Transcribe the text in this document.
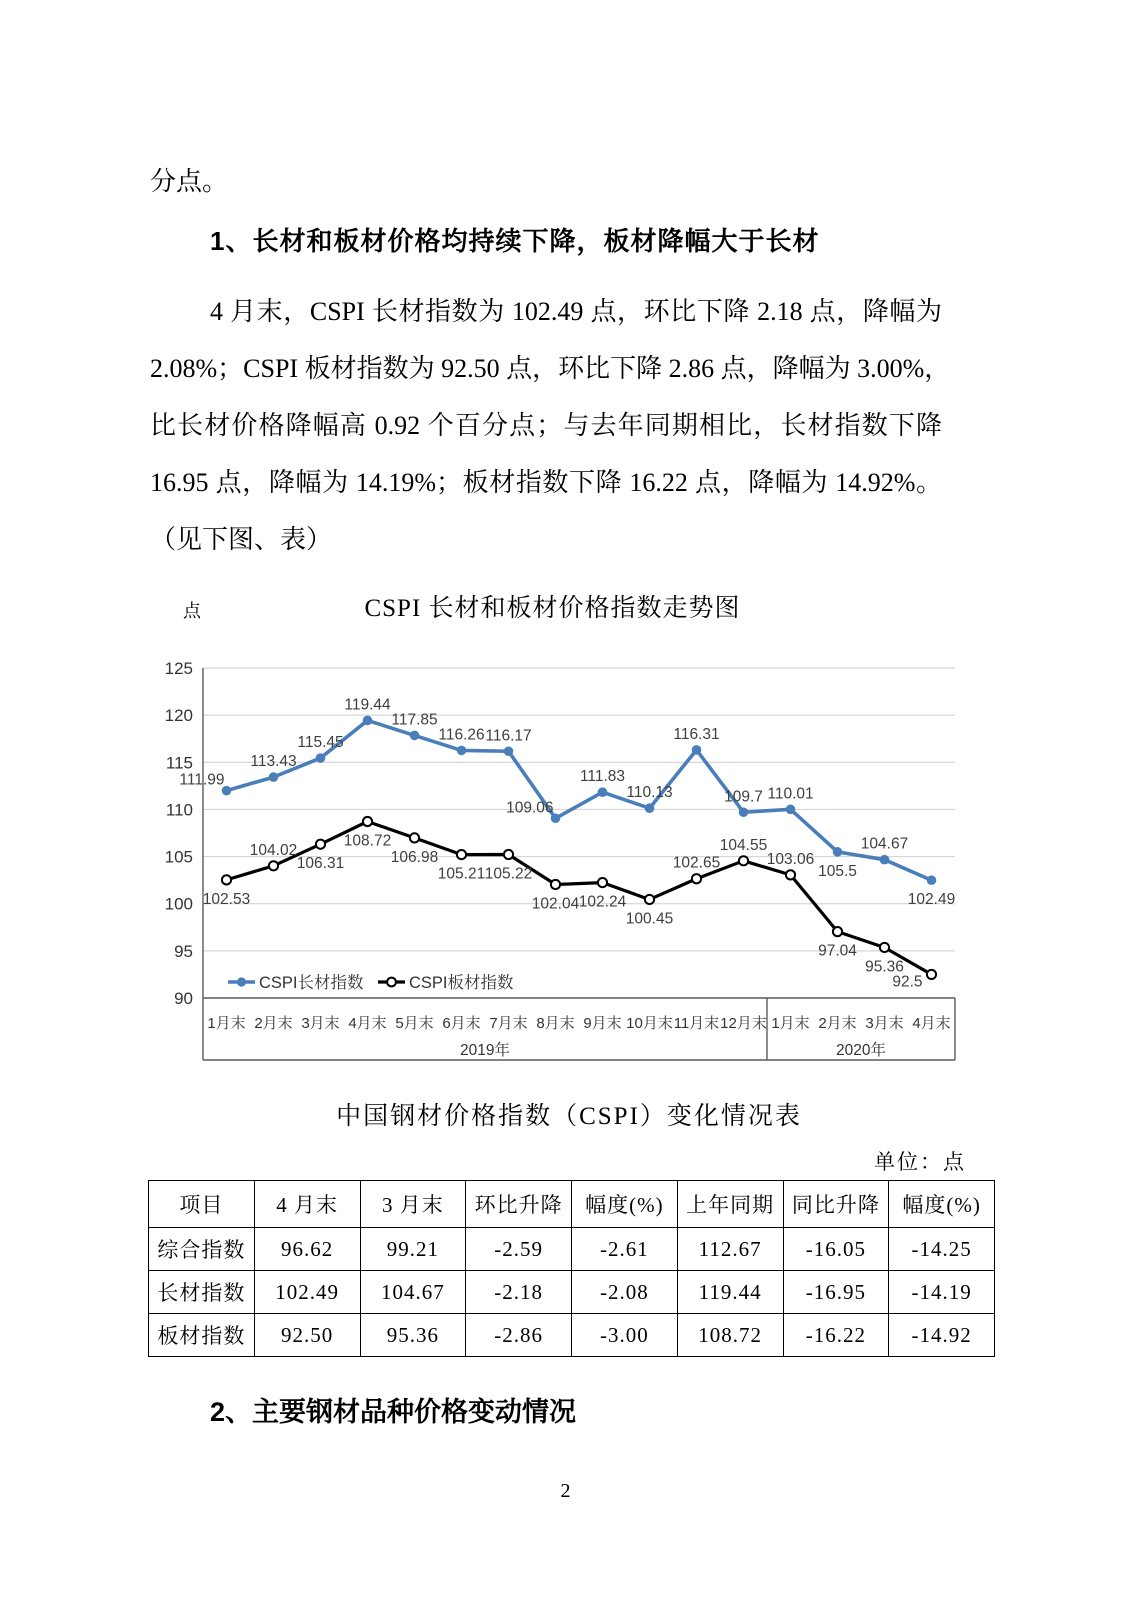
分点。
1、长材和板材价格均持续下降，板材降幅大于长材
4 月末，CSPI 长材指数为 102.49 点，环比下降 2.18 点，降幅为
2.08%；CSPI 板材指数为 92.50 点，环比下降 2.86 点，降幅为 3.00%，
比长材价格降幅高 0.92 个百分点；与去年同期相比，长材指数下降
16.95 点，降幅为 14.19%；板材指数下降 16.22 点，降幅为 14.92%。
（见下图、表）
点	CSPI 长材和板材价格指数走势图
125
120
115
110
105
100
95
90
1月末 2月末 3月末 4月末 5月末 6月末 7月末 8月末 9月末 10月末 11月末 12月末 1月末 2月末 3月末 4月末
2019年	2020年
111.99
113.43
115.45
119.44
117.85
116.26 116.17
109.06
111.83
110.13
116.31
109.7 110.01
105.5
104.67
102.49
102.53
104.02
106.31
108.72
106.98
105.21 105.22
102.04 102.24
100.45
102.65
104.55
103.06
97.04
95.36
92.5
CSPI长材指数	CSPI板材指数
中国钢材价格指数（CSPI）变化情况表
单位：点
项目	4 月末	3 月末	环比升降	幅度(%)	上年同期	同比升降	幅度(%)
综合指数	96.62	99.21	-2.59	-2.61	112.67	-16.05	-14.25
长材指数	102.49	104.67	-2.18	-2.08	119.44	-16.95	-14.19
板材指数	92.50	95.36	-2.86	-3.00	108.72	-16.22	-14.92
2、主要钢材品种价格变动情况
2
